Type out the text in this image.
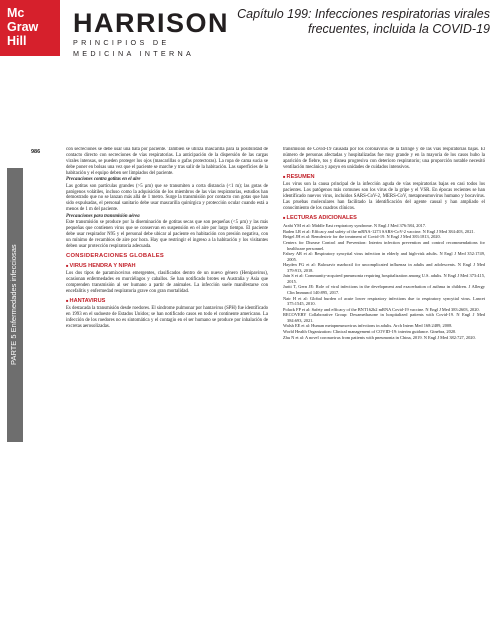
Mc
Graw
Hill
HARRISON
PRINCIPIOS DE
MEDICINA INTERNA
Capítulo 199: Infecciones respiratorias virales frecuentes, incluida la COVID-19
PARTE 5 Enfermedades infecciosas
986	con secreciones se debe usar una bata por paciente. También se utiliza mascarilla para la posibilidad de contacto directo con secreciones de vías respiratorias. La anticipación de la dispersión de las cargas virales intensas, se pueden proteger los ojos (mascarillas o gafas protectoras). La ropa de cama sucia se debe poner en bolsas una vez que el paciente se marche y tras salir de la habitación. Las superficies de la habitación y el equipo deben ser limpiados del paciente.

Precauciones contra gotitas en el aire

Las gotitas son partículas grandes (>5 µm) que se transmiten a corta distancia (<1 m); las gotas de patógenos volátiles, incluso como la adquisición de los miembros de las vías respiratorias, estudios han demostrado que no se lanzan más allá de 1 metro. Surge la transmisión por contacto con gotas que han sido expulsadas, el personal sanitario debe usar mascarilla quirúrgica y protección ocular cuando está a menos de 1 m del paciente.

Precauciones para transmisión aérea

Este transmisión se produce por la diseminación de gotitas secas que son pequeñas (<5 µm) y las más pequeñas que contienen virus que se conservan en suspensión en el aire por largo tiempo. El paciente debe usar respirador N95 y el personal debe ubicar al paciente en habitación con presión negativa, con un mínimo de recambios de aire por hora. Hay que restringir el ingreso a la habitación y los visitantes deben usar protección respiratoria adecuada.

CONSIDERACIONES GLOBALES
■ VIRUS HENDRA Y NIPAH

Los dos tipos de paramixovirus emergentes, clasificados dentro de un nuevo género (Henipavirus), ocasionan enfermedades en murciélagos y caballos. Se han notificado brotes en Australia y Asia que comprenden transmisión al ser humano a partir de animales. La infección suele manifestarse con encefalitis y enfermedad respiratoria grave con gran mortalidad.

■ HANTAVIRUS

Es destacada la transmisión desde roedores. El síndrome pulmonar por hantavirus (SPH) fue identificado en 1993 en el sudoeste de Estados Unidos; se han notificado casos en todo el continente americano. La infección de los roedores no es sintomática y el contagio en el ser humano se produce por inhalación de excretas aerosolizadas.

transmisión de Covid-19 causada por los coronavirus de la faringe y de las vías respiratorias bajas. El número de personas afectadas y hospitalizadas fue muy grande y en la mayoría de los casos hubo la aparición de fiebre, tos y disnea progresiva con deterioro respiratorio; una proporción notable necesitó ventilación mecánica y apoyo en unidades de cuidados intensivos.

■ RESUMEN

Los virus son la causa principal de la infección aguda de vías respiratorias bajas en casi todos los pacientes. Los patógenos más comunes son los virus de la gripe y el VSR. En épocas recientes se han identificado nuevos virus, incluidos SARS-CoV-2, MERS-CoV, metapneumovirus humano y bocavirus. Las pruebas moleculares han facilitado la identificación del agente causal y han ampliado el conocimiento de los cuadros clínicos.

■ LECTURAS ADICIONALES

Arabi YM et al: Middle East respiratory syndrome. N Engl J Med 376:584, 2017.

Baden LR et al: Efficacy and safety of the mRNA-1273 SARS-CoV-2 vaccine. N Engl J Med 384:403, 2021.

Beigel JH et al: Remdesivir for the treatment of Covid-19. N Engl J Med 383:1813, 2020.

Centers for Disease Control and Prevention: Interim infection prevention and control recommendations for healthcare personnel.

Falsey AR et al: Respiratory syncytial virus infection in elderly and high-risk adults. N Engl J Med 352:1749, 2005.

Hayden FG et al: Baloxavir marboxil for uncomplicated influenza in adults and adolescents. N Engl J Med 379:913, 2018.

Jain S et al: Community-acquired pneumonia requiring hospitalization among U.S. adults. N Engl J Med 373:415, 2015.

Jartti T, Gern JE: Role of viral infections in the development and exacerbation of asthma in children. J Allergy Clin Immunol 140:895, 2017.

Nair H et al: Global burden of acute lower respiratory infections due to respiratory syncytial virus. Lancet 375:1545, 2010.

Polack FP et al: Safety and efficacy of the BNT162b2 mRNA Covid-19 vaccine. N Engl J Med 383:2603, 2020.

RECOVERY Collaborative Group: Dexamethasone in hospitalized patients with Covid-19. N Engl J Med 384:693, 2021.

Walsh EE et al: Human metapneumovirus infections in adults. Arch Intern Med 168:2489, 2008.

World Health Organization: Clinical management of COVID-19: interim guidance. Ginebra, 2020.

Zhu N et al: A novel coronavirus from patients with pneumonia in China, 2019. N Engl J Med 382:727, 2020.
